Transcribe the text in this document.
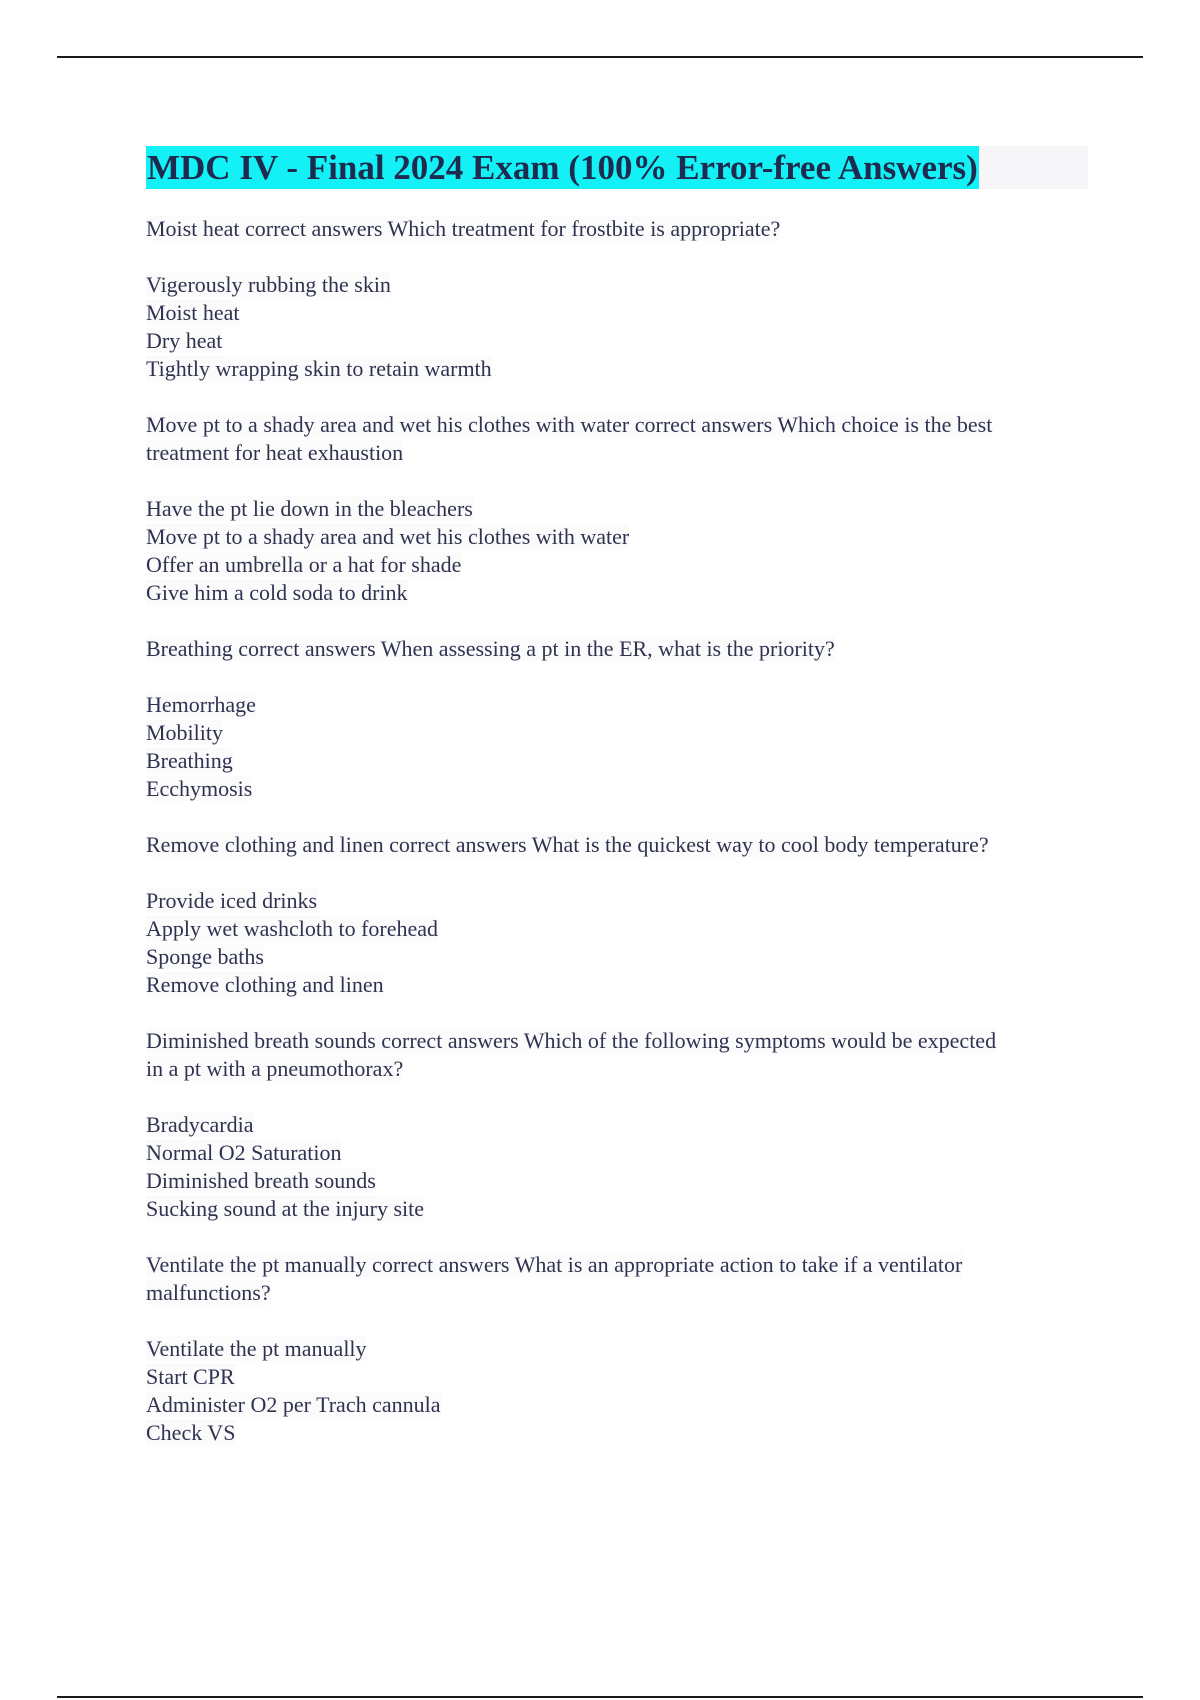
MDC IV - Final 2024 Exam (100% Error-free Answers)
Moist heat correct answers Which treatment for frostbite is appropriate?
Vigerously rubbing the skin
Moist heat
Dry heat
Tightly wrapping skin to retain warmth
Move pt to a shady area and wet his clothes with water correct answers Which choice is the best
treatment for heat exhaustion
Have the pt lie down in the bleachers
Move pt to a shady area and wet his clothes with water
Offer an umbrella or a hat for shade
Give him a cold soda to drink
Breathing correct answers When assessing a pt in the ER, what is the priority?
Hemorrhage
Mobility
Breathing
Ecchymosis
Remove clothing and linen correct answers What is the quickest way to cool body temperature?
Provide iced drinks
Apply wet washcloth to forehead
Sponge baths
Remove clothing and linen
Diminished breath sounds correct answers Which of the following symptoms would be expected
in a pt with a pneumothorax?
Bradycardia
Normal O2 Saturation
Diminished breath sounds
Sucking sound at the injury site
Ventilate the pt manually correct answers What is an appropriate action to take if a ventilator
malfunctions?
Ventilate the pt manually
Start CPR
Administer O2 per Trach cannula
Check VS
